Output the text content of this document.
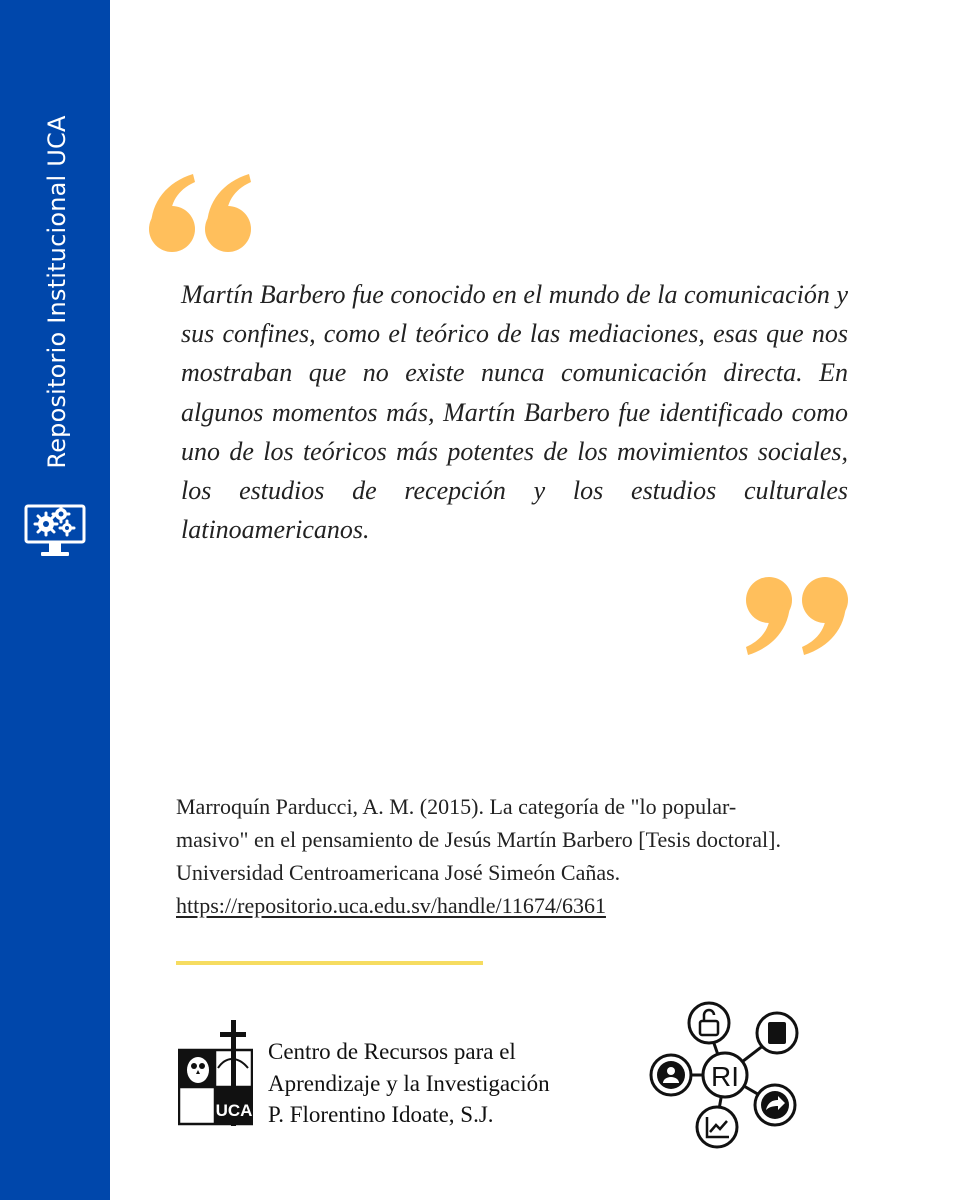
Repositorio Institucional UCA	Martín Barbero fue conocido en el mundo de la comunicación y sus confines, como el teórico de las mediaciones, esas que nos mostraban que no existe nunca comunicación directa. En algunos momentos más, Martín Barbero fue identificado como uno de los teóricos más potentes de los movimientos sociales, los estudios de recepción y los estudios culturales latinoamericanos.

Marroquín Parducci, A. M. (2015). La categoría de "lo popular-
masivo" en el pensamiento de Jesús Martín Barbero [Tesis doctoral].
Universidad Centroamericana José Simeón Cañas.
https://repositorio.uca.edu.sv/handle/11674/6361
UCA
Centro de Recursos para el
Aprendizaje y la Investigación
P. Florentino Idoate, S.J.
RI
